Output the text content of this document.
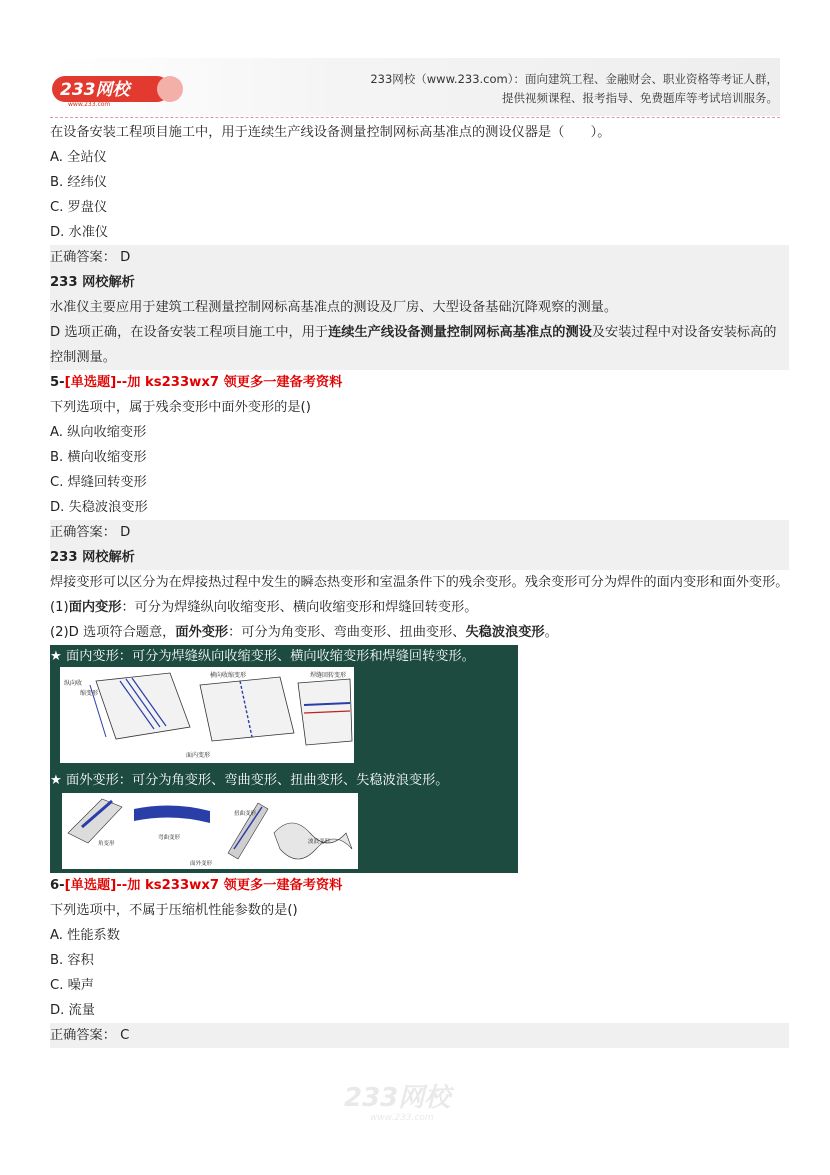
233网校
www.233.com
233网校（www.233.com）：面向建筑工程、金融财会、职业资格等考证人群，
提供视频课程、报考指导、免费题库等考试培训服务。
在设备安装工程项目施工中，用于连续生产线设备测量控制网标高基准点的测设仪器是（　　）。
A. 全站仪
B. 经纬仪
C. 罗盘仪
D. 水准仪
正确答案： D
233 网校解析
水准仪主要应用于建筑工程测量控制网标高基准点的测设及厂房、大型设备基础沉降观察的测量。
D 选项正确，在设备安装工程项目施工中，用于连续生产线设备测量控制网标高基准点的测设及安装过程中对设备安装标高的控制测量。
5-[单选题]--加 ks233wx7 领更多一建备考资料
下列选项中，属于残余变形中面外变形的是()
A. 纵向收缩变形
B. 横向收缩变形
C. 焊缝回转变形
D. 失稳波浪变形
正确答案： D
233 网校解析
焊接变形可以区分为在焊接热过程中发生的瞬态热变形和室温条件下的残余变形。残余变形可分为焊件的面内变形和面外变形。
(1)面内变形：可分为焊缝纵向收缩变形、横向收缩变形和焊缝回转变形。
(2)D 选项符合题意，面外变形：可分为角变形、弯曲变形、扭曲变形、失稳波浪变形。
★ 面内变形：可分为焊缝纵向收缩变形、横向收缩变形和焊缝回转变形。
纵向收
缩变形
横向收缩变形	焊缝回转变形
面内变形
★ 面外变形：可分为角变形、弯曲变形、扭曲变形、失稳波浪变形。
角变形
弯曲变形
扭曲变形
波浪变形
面外变形
6-[单选题]--加 ks233wx7 领更多一建备考资料
下列选项中，不属于压缩机性能参数的是()
A. 性能系数
B. 容积
C. 噪声
D. 流量
正确答案： C
233网校
www.233.com
